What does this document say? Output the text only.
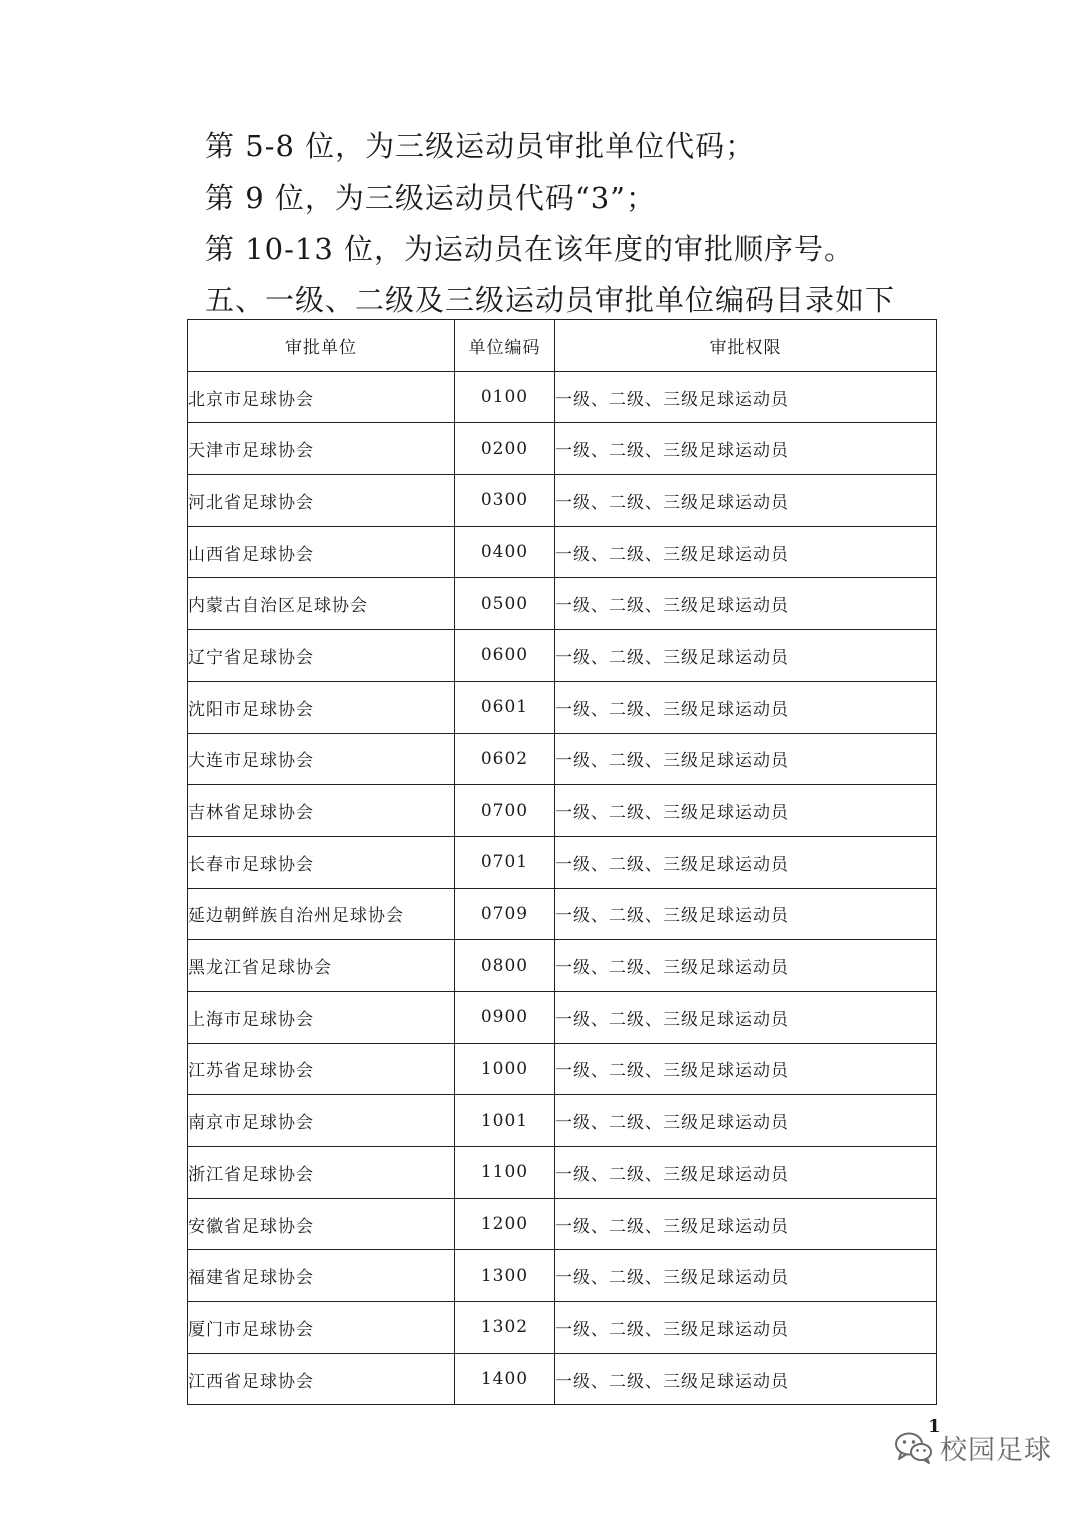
第 5-8 位，为三级运动员审批单位代码；
第 9 位，为三级运动员代码“3”；
第 10-13 位，为运动员在该年度的审批顺序号。
五、一级、二级及三级运动员审批单位编码目录如下
审批单位	单位编码	审批权限
北京市足球协会	0100	一级、二级、三级足球运动员
天津市足球协会	0200	一级、二级、三级足球运动员
河北省足球协会	0300	一级、二级、三级足球运动员
山西省足球协会	0400	一级、二级、三级足球运动员
内蒙古自治区足球协会	0500	一级、二级、三级足球运动员
辽宁省足球协会	0600	一级、二级、三级足球运动员
沈阳市足球协会	0601	一级、二级、三级足球运动员
大连市足球协会	0602	一级、二级、三级足球运动员
吉林省足球协会	0700	一级、二级、三级足球运动员
长春市足球协会	0701	一级、二级、三级足球运动员
延边朝鲜族自治州足球协会	0709	一级、二级、三级足球运动员
黑龙江省足球协会	0800	一级、二级、三级足球运动员
上海市足球协会	0900	一级、二级、三级足球运动员
江苏省足球协会	1000	一级、二级、三级足球运动员
南京市足球协会	1001	一级、二级、三级足球运动员
浙江省足球协会	1100	一级、二级、三级足球运动员
安徽省足球协会	1200	一级、二级、三级足球运动员
福建省足球协会	1300	一级、二级、三级足球运动员
厦门市足球协会	1302	一级、二级、三级足球运动员
江西省足球协会	1400	一级、二级、三级足球运动员
1
校园足球
